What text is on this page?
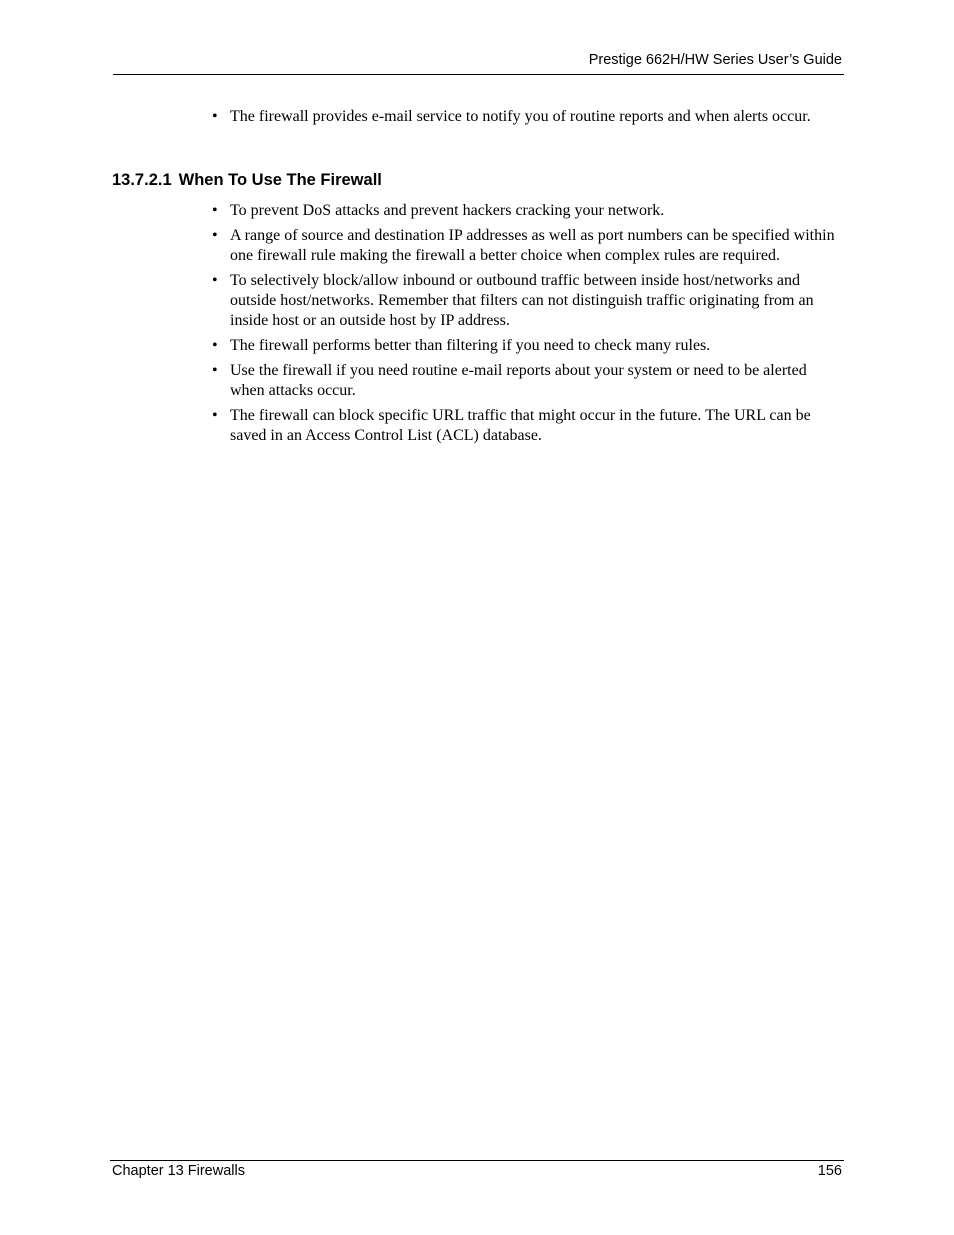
Prestige 662H/HW Series User’s Guide
• The firewall provides e-mail service to notify you of routine reports and when alerts occur.
13.7.2.1 When To Use The Firewall
• To prevent DoS attacks and prevent hackers cracking your network.
• A range of source and destination IP addresses as well as port numbers can be specified within one firewall rule making the firewall a better choice when complex rules are required.
• To selectively block/allow inbound or outbound traffic between inside host/networks and outside host/networks. Remember that filters can not distinguish traffic originating from an inside host or an outside host by IP address.
• The firewall performs better than filtering if you need to check many rules.
• Use the firewall if you need routine e-mail reports about your system or need to be alerted when attacks occur.
• The firewall can block specific URL traffic that might occur in the future. The URL can be saved in an Access Control List (ACL) database.
Chapter 13 Firewalls	156
